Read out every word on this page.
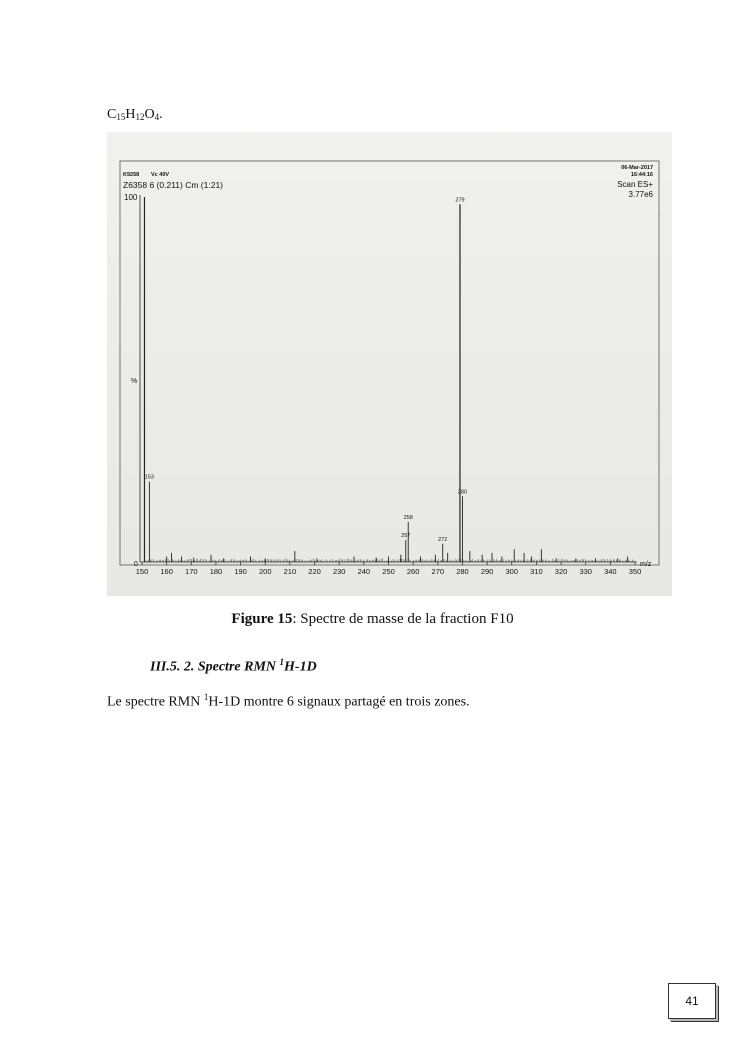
$C_{15}H_{12}O_4$.
K9258 Vc 40V
Z6358 6 (0.211) Cm (1:21)
06-Mar-2017
16:44:16
Scan ES+
3.77e6
100
%
0	m/z
150 160 170 180 190 200 210 220 230 240 250 260 270 280 290 300 310 320 330 340 350
153
257
258
272
279
280
Figure 15: Spectre de masse de la fraction F10
III.5. 2. Spectre RMN $^1$H-1D
Le spectre RMN $^1$H-1D montre 6 signaux partagé en trois zones.
41
